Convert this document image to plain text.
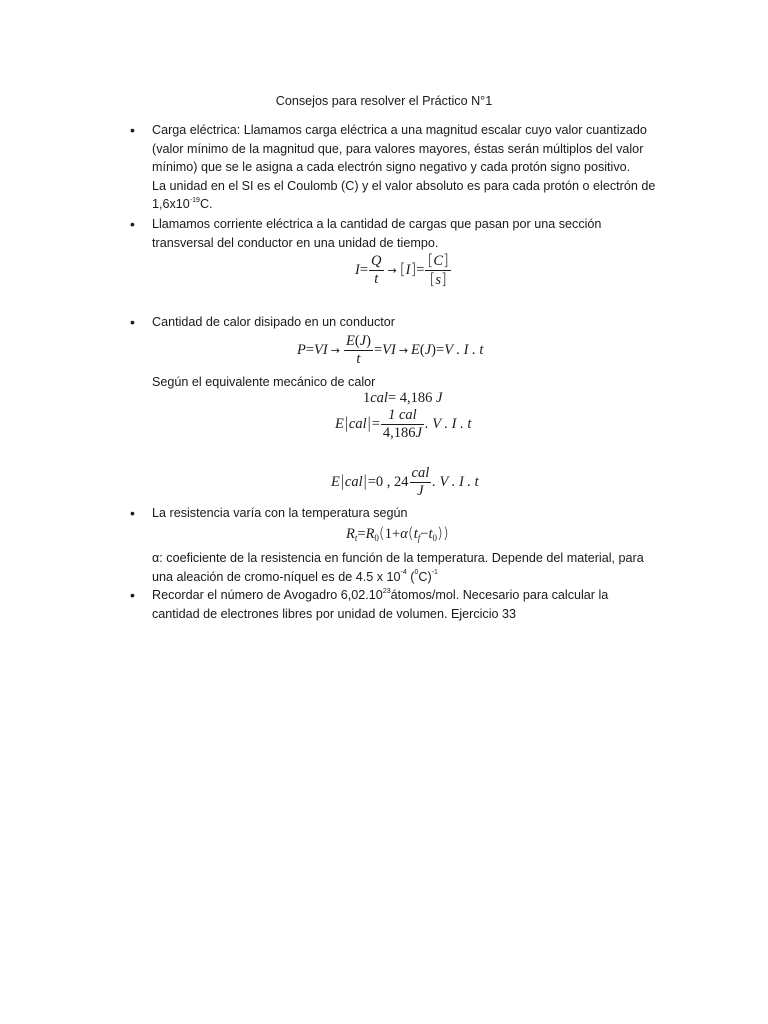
Consejos para resolver el Práctico N°1
• Carga eléctrica: Llamamos carga eléctrica a una magnitud escalar cuyo valor cuantizado

(valor mínimo de la magnitud que, para valores mayores, éstas serán múltiplos del valor

mínimo) que se le asigna a cada electrón signo negativo y cada protón signo positivo.

La unidad en el SI es el Coulomb (C) y el valor absoluto es para cada protón o electrón de

$1,6x10^{-19}C$.

• Llamamos corriente eléctrica a la cantidad de cargas que pasan por una sección

transversal del conductor en una unidad de tiempo.

$I= \frac{Q}{t} \to [I]= \frac{[C]}{[s]}$
• Cantidad de calor disipado en un conductor

$P=VI \to \frac{E(J)}{t} =VI \to E(J)=V$ . I . t
Según el equivalente mecánico de calor
1cal= 4,186 J
$E|cal|= \frac{\text{1 cal}}{4,186J}$ . V . I . t
E|cal|=0 , $24 \frac{\text{cal}}{J}$ . V . I . t
• La resistencia varía con la temperatura según

$R_t=R_0(1+\alpha(t_f-t_0))$

α: coeficiente de la resistencia en función de la temperatura. Depende del material, para

una aleación de cromo-níquel es de 4.5 x $10^{-4}$ $(^0C)^{-1}$

• Recordar el número de Avogadro 6,02.10$^{23}$átomos/mol. Necesario para calcular la

cantidad de electrones libres por unidad de volumen. Ejercicio 33
